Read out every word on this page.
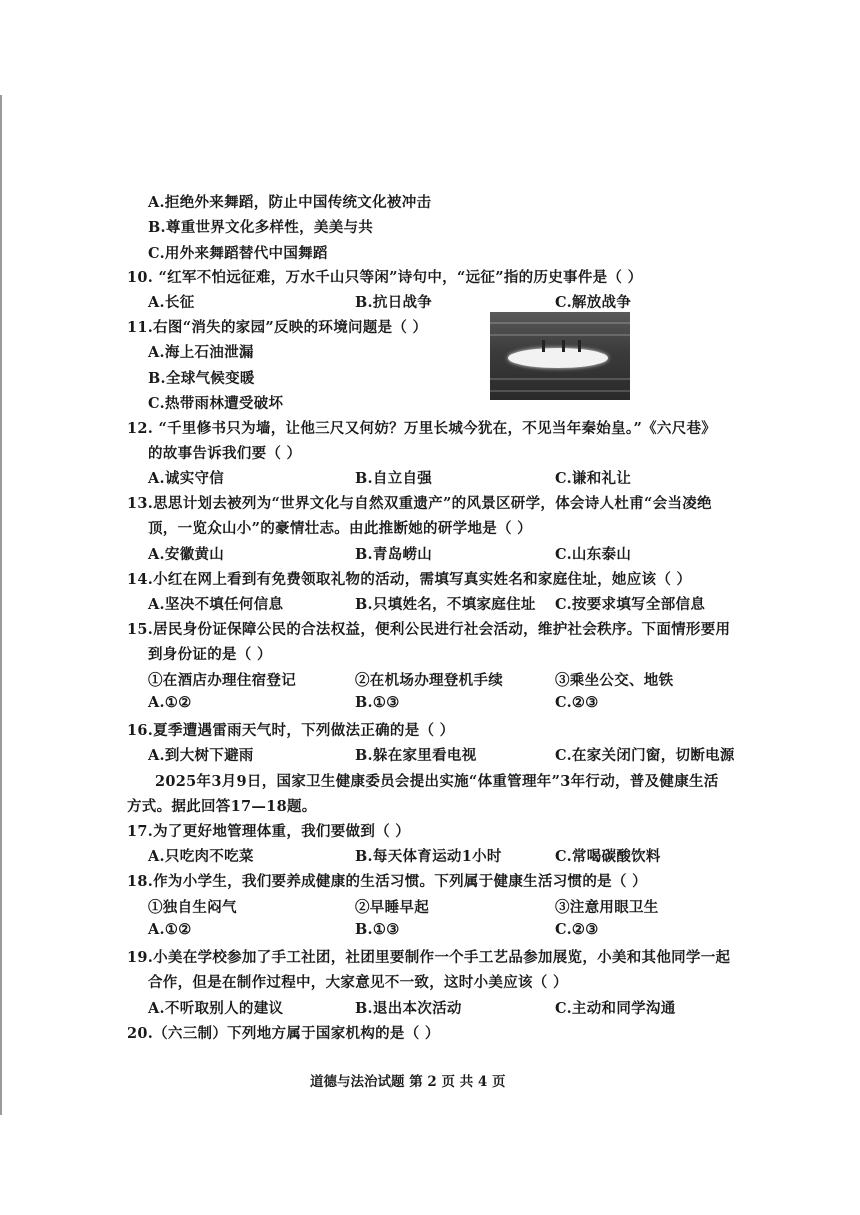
A.拒绝外来舞蹈，防止中国传统文化被冲击
B.尊重世界文化多样性，美美与共
C.用外来舞蹈替代中国舞蹈
10. “红军不怕远征难，万水千山只等闲”诗句中，“远征”指的历史事件是（ ）
A.长征	B.抗日战争	C.解放战争
11.右图“消失的家园”反映的环境问题是（ ）
A.海上石油泄漏
B.全球气候变暖
C.热带雨林遭受破坏
12. “千里修书只为墙，让他三尺又何妨？万里长城今犹在，不见当年秦始皇。”《六尺巷》
的故事告诉我们要（ ）
A.诚实守信	B.自立自强	C.谦和礼让
13.思思计划去被列为“世界文化与自然双重遗产”的风景区研学，体会诗人杜甫“会当凌绝
顶，一览众山小”的豪情壮志。由此推断她的研学地是（ ）
A.安徽黄山	B.青岛崂山	C.山东泰山
14.小红在网上看到有免费领取礼物的活动，需填写真实姓名和家庭住址，她应该（ ）
A.坚决不填任何信息	B.只填姓名，不填家庭住址 C.按要求填写全部信息
15.居民身份证保障公民的合法权益，便利公民进行社会活动，维护社会秩序。下面情形要用
到身份证的是（ ）
①在酒店办理住宿登记	②在机场办理登机手续	③乘坐公交、地铁
A.①②	B.①③	C.②③
16.夏季遭遇雷雨天气时，下列做法正确的是（ ）
A.到大树下避雨	B.躲在家里看电视	C.在家关闭门窗，切断电源
2025年3月9日，国家卫生健康委员会提出实施“体重管理年”3年行动，普及健康生活
方式。据此回答17—18题。
17.为了更好地管理体重，我们要做到（ ）
A.只吃肉不吃菜	B.每天体育运动1小时	C.常喝碳酸饮料
18.作为小学生，我们要养成健康的生活习惯。下列属于健康生活习惯的是（ ）
①独自生闷气	②早睡早起	③注意用眼卫生
A.①②	B.①③	C.②③
19.小美在学校参加了手工社团，社团里要制作一个手工艺品参加展览，小美和其他同学一起
合作，但是在制作过程中，大家意见不一致，这时小美应该（ ）
A.不听取别人的建议	B.退出本次活动	C.主动和同学沟通
20.（六三制）下列地方属于国家机构的是（ ）
道德与法治试题 第 2 页 共 4 页
